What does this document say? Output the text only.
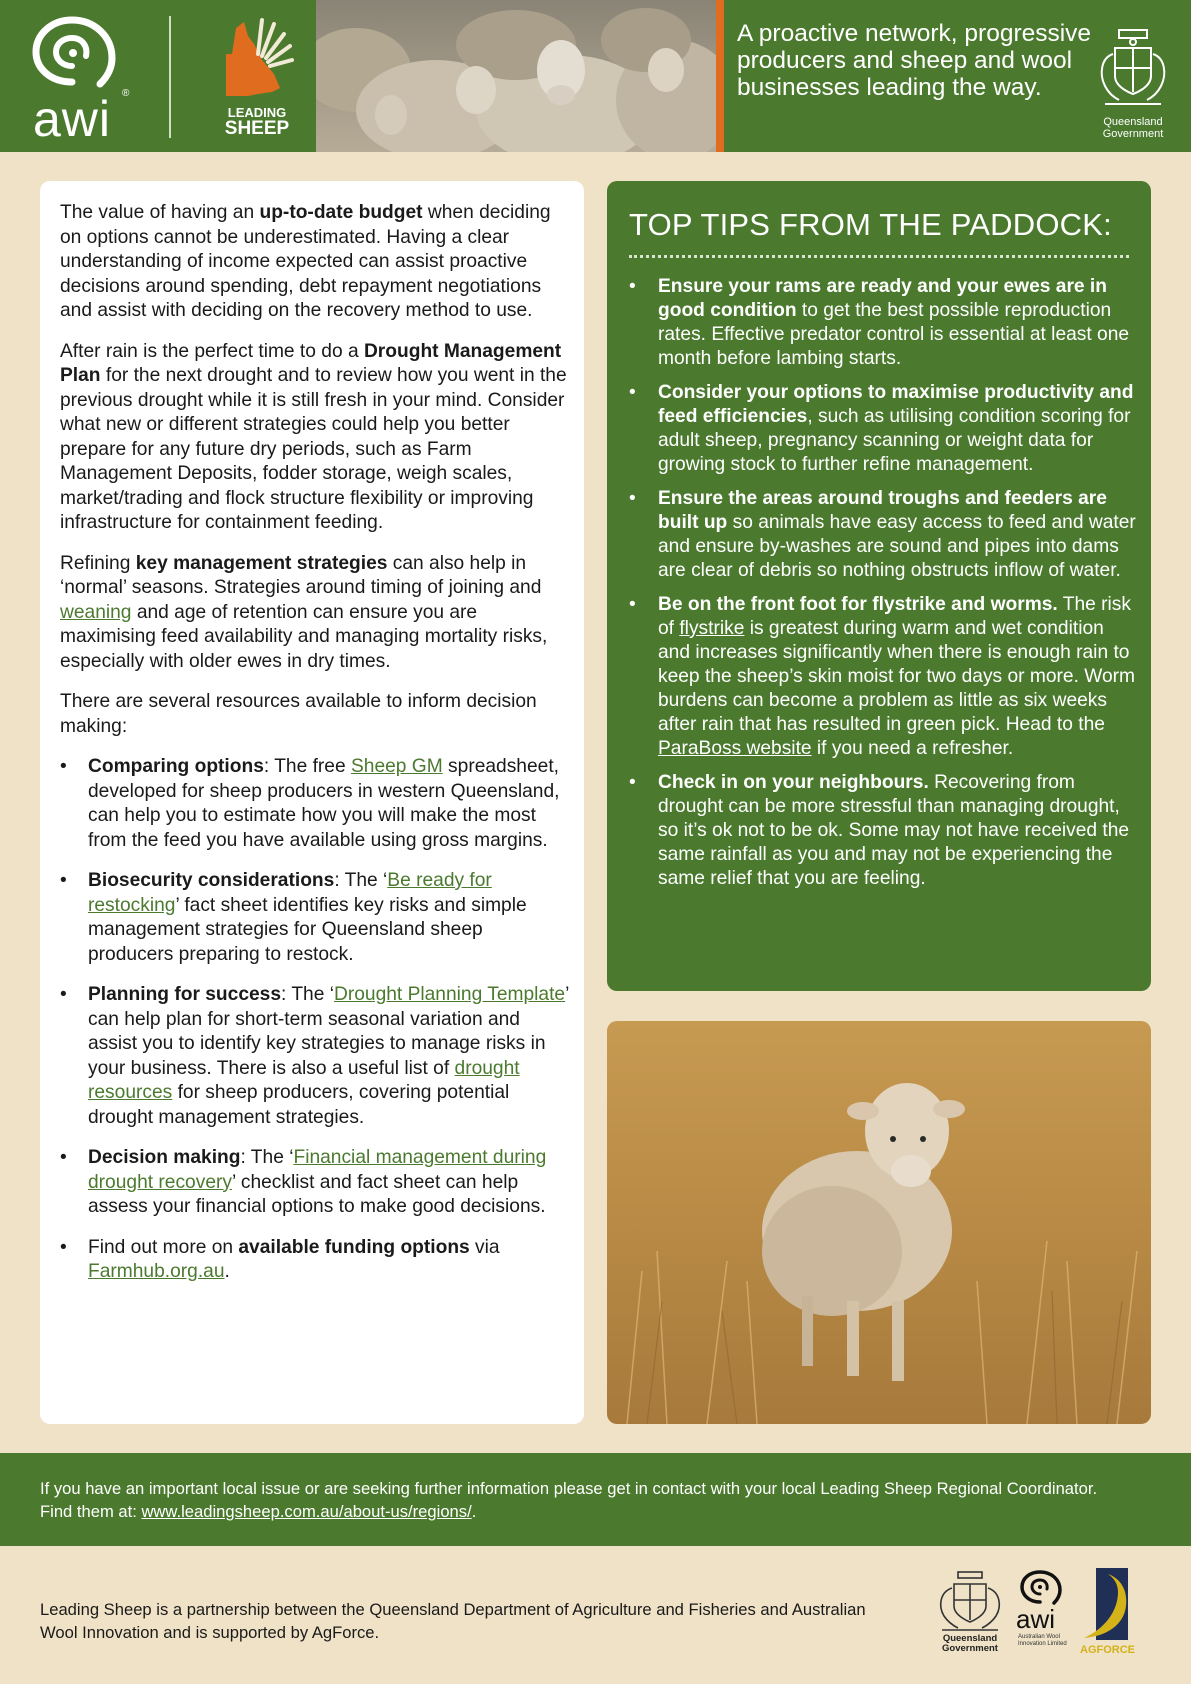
®
awi	LEADING
SHEEP
A proactive network, progressive producers and sheep and wool businesses leading the way.
Queensland
Government

The value of having an up-to-date budget when deciding on options cannot be underestimated. Having a clear understanding of income expected can assist proactive decisions around spending, debt repayment negotiations and assist with deciding on the recovery method to use.

After rain is the perfect time to do a Drought Management Plan for the next drought and to review how you went in the previous drought while it is still fresh in your mind. Consider what new or different strategies could help you better prepare for any future dry periods, such as Farm Management Deposits, fodder storage, weigh scales, market/trading and flock structure flexibility or improving infrastructure for containment feeding.

Refining key management strategies can also help in ‘normal’ seasons. Strategies around timing of joining and weaning and age of retention can ensure you are maximising feed availability and managing mortality risks, especially with older ewes in dry times.

There are several resources available to inform decision making:

• Comparing options: The free Sheep GM spreadsheet, developed for sheep producers in western Queensland, can help you to estimate how you will make the most from the feed you have available using gross margins.
• Biosecurity considerations: The ‘Be ready for restocking’ fact sheet identifies key risks and simple management strategies for Queensland sheep producers preparing to restock.
• Planning for success: The ‘Drought Planning Template’ can help plan for short-term seasonal variation and assist you to identify key strategies to manage risks in your business. There is also a useful list of drought resources for sheep producers, covering potential drought management strategies.
• Decision making: The ‘Financial management during drought recovery’ checklist and fact sheet can help assess your financial options to make good decisions.
• Find out more on available funding options via Farmhub.org.au.
TOP TIPS FROM THE PADDOCK:
• Ensure your rams are ready and your ewes are in good condition to get the best possible reproduction rates. Effective predator control is essential at least one month before lambing starts.
• Consider your options to maximise productivity and feed efficiencies, such as utilising condition scoring for adult sheep, pregnancy scanning or weight data for growing stock to further refine management.
• Ensure the areas around troughs and feeders are built up so animals have easy access to feed and water and ensure by-washes are sound and pipes into dams are clear of debris so nothing obstructs inflow of water.
• Be on the front foot for flystrike and worms. The risk of flystrike is greatest during warm and wet condition and increases significantly when there is enough rain to keep the sheep’s skin moist for two days or more. Worm burdens can become a problem as little as six weeks after rain that has resulted in green pick. Head to the ParaBoss website if you need a refresher.
• Check in on your neighbours. Recovering from drought can be more stressful than managing drought, so it’s ok not to be ok. Some may not have received the same rainfall as you and may not be experiencing the same relief that you are feeling.
If you have an important local issue or are seeking further information please get in contact with your local Leading Sheep Regional Coordinator.
Find them at: www.leadingsheep.com.au/about-us/regions/.
Leading Sheep is a partnership between the Queensland Department of Agriculture and Fisheries and Australian Wool Innovation and is supported by AgForce.	Queensland
Government
awi
Australian Wool Innovation Limited AGFORCE
